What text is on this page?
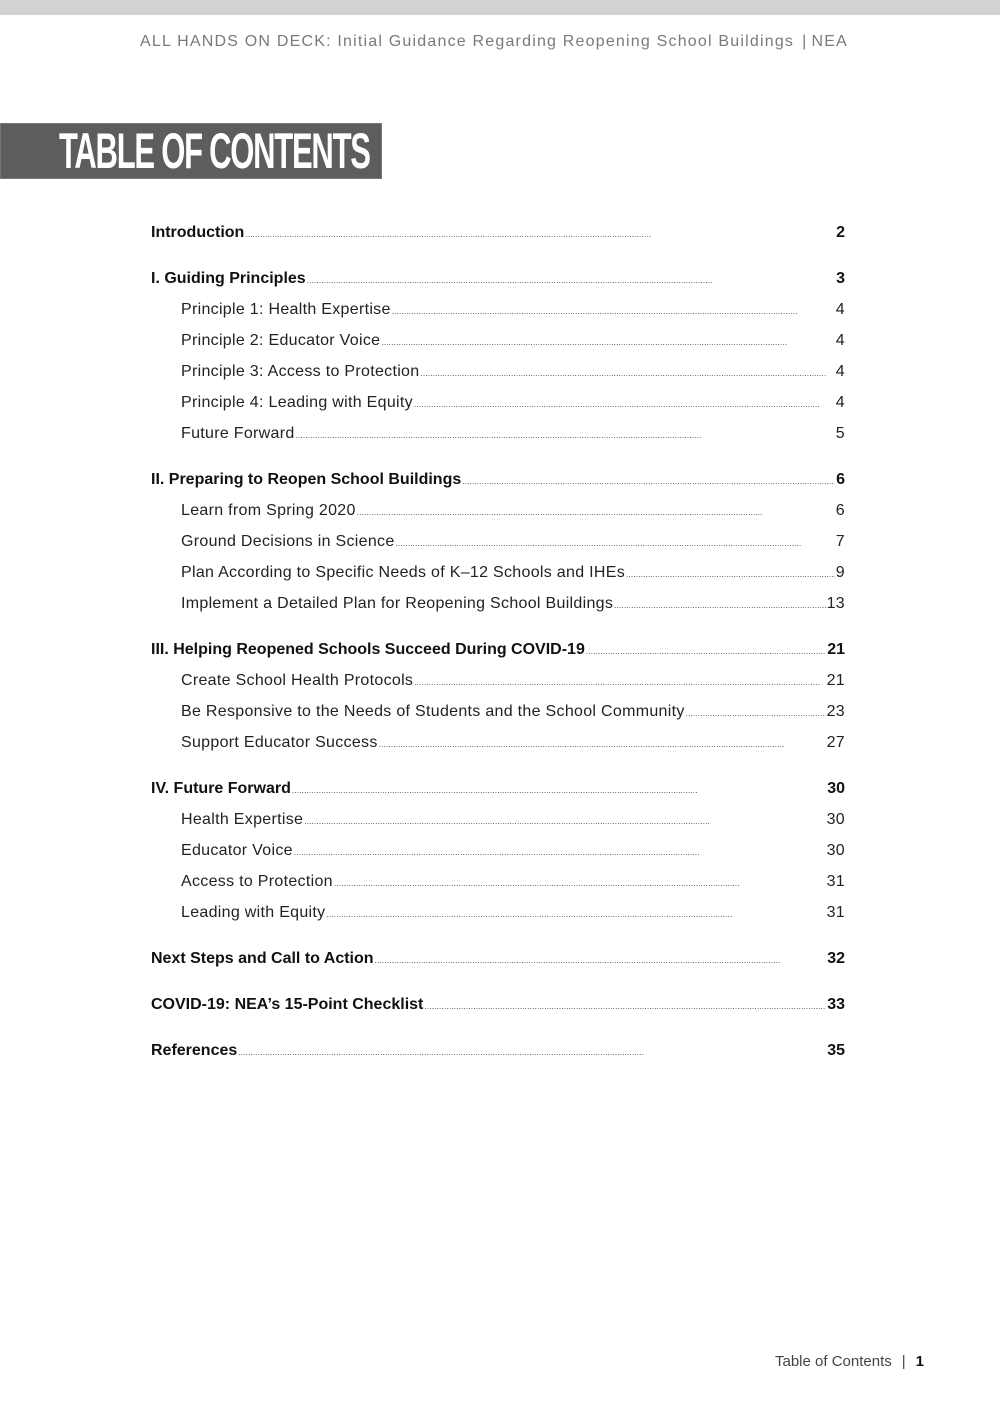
ALL HANDS ON DECK: Initial Guidance Regarding Reopening School Buildings | NEA
TABLE OF CONTENTS
Introduction . . .	2
I. Guiding Principles . . .	3
Principle 1: Health Expertise . . .	4
Principle 2: Educator Voice . . .	4
Principle 3: Access to Protection . . .	4
Principle 4: Leading with Equity . . .	4
Future Forward . . .	5
II. Preparing to Reopen School Buildings . . .	6
Learn from Spring 2020 . . .	6
Ground Decisions in Science . . .	7
Plan According to Specific Needs of K–12 Schools and IHEs . . .	9
Implement a Detailed Plan for Reopening School Buildings . . .	13
III. Helping Reopened Schools Succeed During COVID-19 . . .	21
Create School Health Protocols . . .	21
Be Responsive to the Needs of Students and the School Community . . .	23
Support Educator Success . . .	27
IV. Future Forward . . .	30
Health Expertise . . .	30
Educator Voice . . .	30
Access to Protection . . .	31
Leading with Equity . . .	31
Next Steps and Call to Action . . .	32
COVID-19: NEA’s 15-Point Checklist . . .	33
References . . .	35
Table of Contents | 1
